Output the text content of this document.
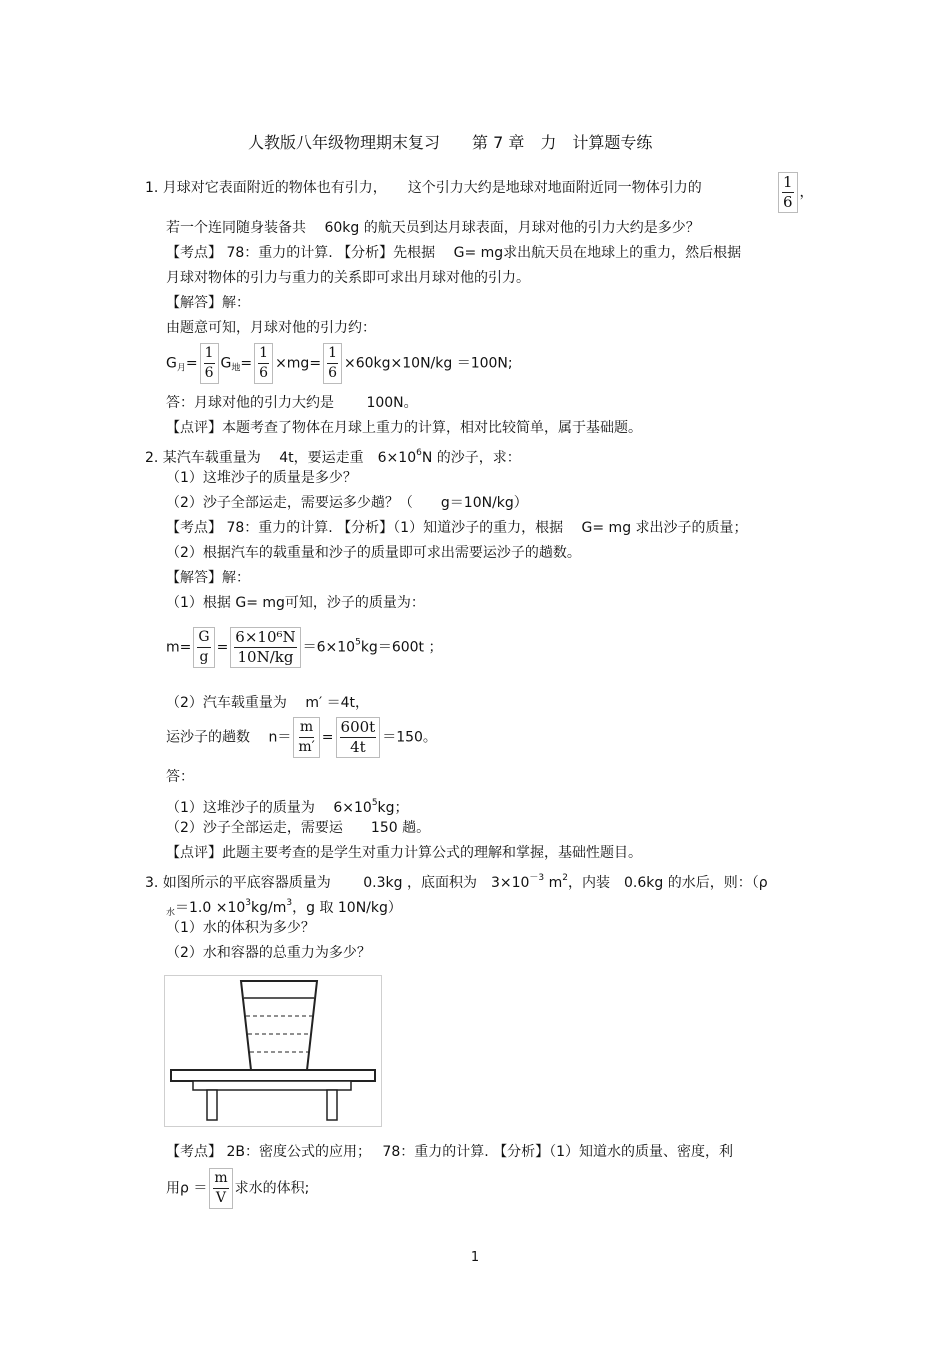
人教版八年级物理期末复习　　第 7 章　力　计算题专练
1. 月球对它表面附近的物体也有引力，　　这个引力大约是地球对地面附近同一物体引力的	$\frac{1}{6}$ ，
若一个连同随身装备共　 60kg 的航天员到达月球表面，月球对他的引力大约是多少？
【考点】 78：重力的计算. 【分析】先根据　 G= mg求出航天员在地球上的重力，然后根据
月球对物体的引力与重力的关系即可求出月球对他的引力。
【解答】解：
由题意可知，月球对他的引力约：
$G_月= \frac{1}{6} G_地= \frac{1}{6} \times mg= \frac{1}{6} \times 60kg\times 10N/kg =100N$;
答：月球对他的引力大约是　　 100N。
【点评】本题考查了物体在月球上重力的计算，相对比较简单，属于基础题。
2. 某汽车载重量为　 4t，要运走重　$6\times 10^6N$ 的沙子，求：
（1）这堆沙子的质量是多少？
（2）沙子全部运走，需要运多少趟？（　　g＝10N/kg）
【考点】 78：重力的计算. 【分析】（1）知道沙子的重力，根据　 G= mg 求出沙子的质量；
（2）根据汽车的载重量和沙子的质量即可求出需要运沙子的趟数。
【解答】解：
（1）根据 G= mg可知，沙子的质量为：
$m= \frac{G}{g} = \frac{\text{6×10⁶N}}{10N/kg} =6\times 10^5kg=600t$ ；
（2）汽车载重量为　 m′ ＝4t，
运沙子的趟数　 $n= \frac{m}{m'} = \frac{600t}{4t} =150$。
答：
（1）这堆沙子的质量为　 $6\times 10^5kg$；
（2）沙子全部运走，需要运　　150 趟。
【点评】此题主要考查的是学生对重力计算公式的理解和掌握，基础性题目。
3. 如图所示的平底容器质量为　　 0.3kg ，底面积为　$3\times 10^{-3}$ $m^2$，内装　0.6kg 的水后，则：（ρ
$_水=1.0 \times 10^3kg/m^3$，g 取 10N/kg）
（1）水的体积为多少？
（2）水和容器的总重力为多少？
【考点】 2B：密度公式的应用；　 78：重力的计算. 【分析】（1）知道水的质量、密度，利
用$\rho = \frac{m}{V}$ 求水的体积;
1
